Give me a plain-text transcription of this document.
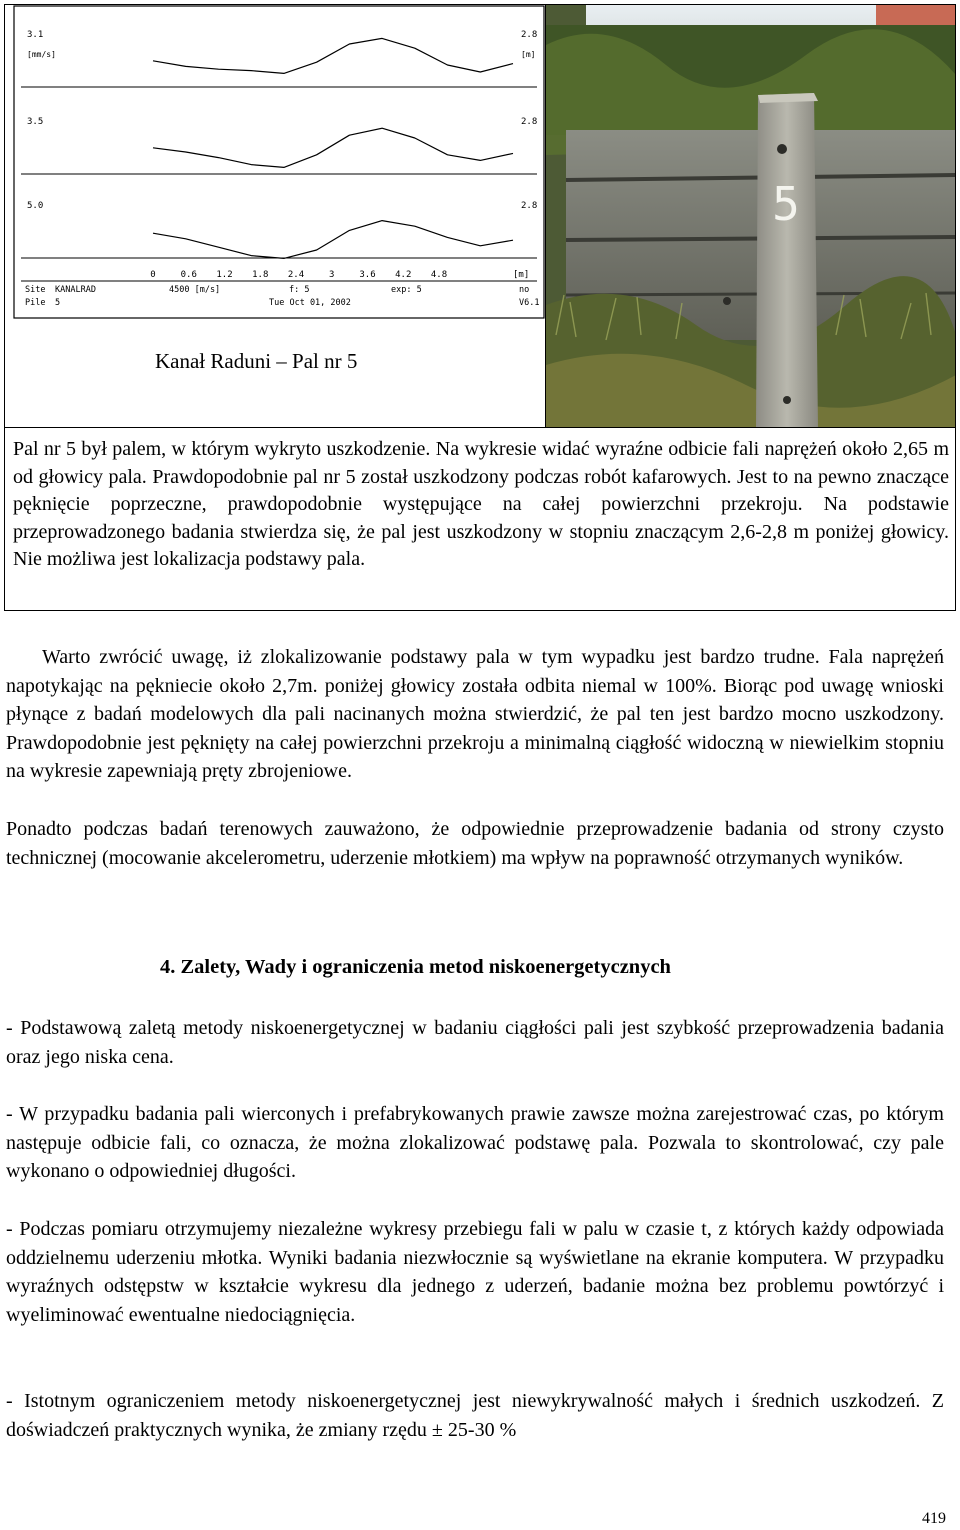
3.1
[mm/s]
2.8
[m]
3.5	2.8
5.0	2.8
0	0.6 1.2 1.8 2.4	3	3.6 4.2 4.8	[m]
Site KANALRAD
Pile 5
4500 [m/s]	f: 5	exp: 5	no
Tue Oct 01, 2002	V6.1
Kanał Raduni – Pal nr 5
5
Pal nr 5 był palem, w którym wykryto uszkodzenie. Na wykresie widać wyraźne odbicie fali naprężeń około 2,65 m od głowicy pala. Prawdopodobnie pal nr 5 został uszkodzony podczas robót kafarowych. Jest to na pewno znaczące pęknięcie poprzeczne, prawdopodobnie występujące na całej powierzchni przekroju. Na podstawie przeprowadzonego badania stwierdza się, że pal jest uszkodzony w stopniu znaczącym 2,6-2,8 m poniżej głowicy. Nie możliwa jest lokalizacja podstawy pala.

Warto zwrócić uwagę, iż zlokalizowanie podstawy pala w tym wypadku jest bardzo trudne. Fala naprężeń napotykając na pękniecie około 2,7m. poniżej głowicy została odbita niemal w 100%. Biorąc pod uwagę wnioski płynące z badań modelowych dla pali nacinanych można stwierdzić, że pal ten jest bardzo mocno uszkodzony. Prawdopodobnie jest pęknięty na całej powierzchni przekroju a minimalną ciągłość widoczną w niewielkim stopniu na wykresie zapewniają pręty zbrojeniowe.

Ponadto podczas badań terenowych zauważono, że odpowiednie przeprowadzenie badania od strony czysto technicznej (mocowanie akcelerometru, uderzenie młotkiem) ma wpływ na poprawność otrzymanych wyników.

4. Zalety, Wady i ograniczenia metod niskoenergetycznych

- Podstawową zaletą metody niskoenergetycznej w badaniu ciągłości pali jest szybkość przeprowadzenia badania oraz jego niska cena.

- W przypadku badania pali wierconych i prefabrykowanych prawie zawsze można zarejestrować czas, po którym następuje odbicie fali, co oznacza, że można zlokalizować podstawę pala. Pozwala to skontrolować, czy pale wykonano o odpowiedniej długości.

- Podczas pomiaru otrzymujemy niezależne wykresy przebiegu fali w palu w czasie t, z których każdy odpowiada oddzielnemu uderzeniu młotka. Wyniki badania niezwłocznie są wyświetlane na ekranie komputera. W przypadku wyraźnych odstępstw w kształcie wykresu dla jednego z uderzeń, badanie można bez problemu powtórzyć i wyeliminować ewentualne niedociągnięcia.

- Istotnym ograniczeniem metody niskoenergetycznej jest niewykrywalność małych i średnich uszkodzeń. Z doświadczeń praktycznych wynika, że zmiany rzędu ± 25-30 %

419
